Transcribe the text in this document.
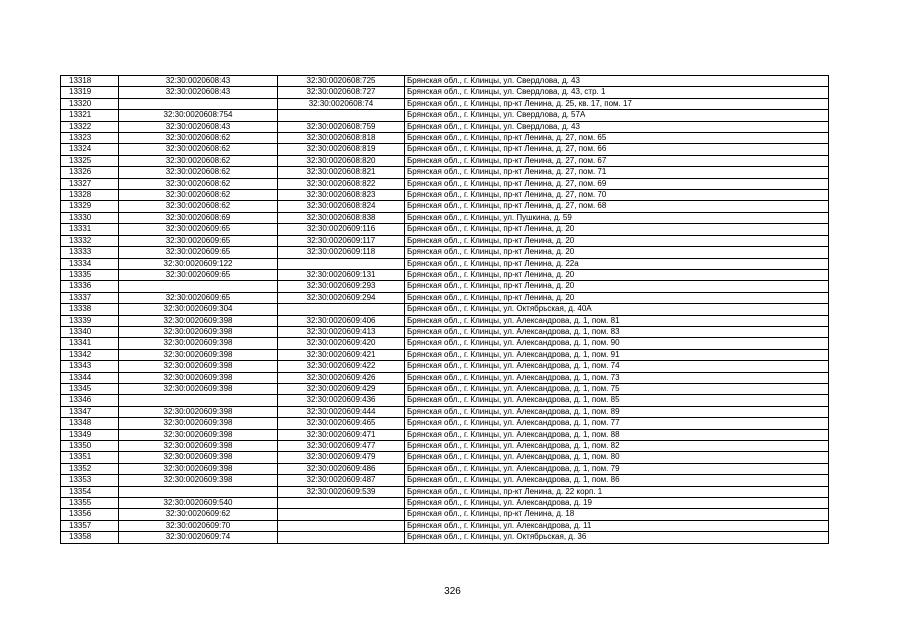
13318	32:30:0020608:43	32:30:0020608:725	Брянская обл., г. Клинцы, ул. Свердлова, д. 43
13319	32:30:0020608:43	32:30:0020608:727	Брянская обл., г. Клинцы, ул. Свердлова, д. 43, стр. 1
13320		32:30:0020608:74	Брянская обл., г. Клинцы, пр-кт Ленина, д. 25, кв. 17, пом. 17
13321	32:30:0020608:754		Брянская обл., г. Клинцы, ул. Свердлова, д. 57А
13322	32:30:0020608:43	32:30:0020608:759	Брянская обл., г. Клинцы, ул. Свердлова, д. 43
13323	32:30:0020608:62	32:30:0020608:818	Брянская обл., г. Клинцы, пр-кт Ленина, д. 27, пом. 65
13324	32:30:0020608:62	32:30:0020608:819	Брянская обл., г. Клинцы, пр-кт Ленина, д. 27, пом. 66
13325	32:30:0020608:62	32:30:0020608:820	Брянская обл., г. Клинцы, пр-кт Ленина, д. 27, пом. 67
13326	32:30:0020608:62	32:30:0020608:821	Брянская обл., г. Клинцы, пр-кт Ленина, д. 27, пом. 71
13327	32:30:0020608:62	32:30:0020608:822	Брянская обл., г. Клинцы, пр-кт Ленина, д. 27, пом. 69
13328	32:30:0020608:62	32:30:0020608:823	Брянская обл., г. Клинцы, пр-кт Ленина, д. 27, пом. 70
13329	32:30:0020608:62	32:30:0020608:824	Брянская обл., г. Клинцы, пр-кт Ленина, д. 27, пом. 68
13330	32:30:0020608:69	32:30:0020608:838	Брянская обл., г. Клинцы, ул. Пушкина, д. 59
13331	32:30:0020609:65	32:30:0020609:116	Брянская обл., г. Клинцы, пр-кт Ленина, д. 20
13332	32:30:0020609:65	32:30:0020609:117	Брянская обл., г. Клинцы, пр-кт Ленина, д. 20
13333	32:30:0020609:65	32:30:0020609:118	Брянская обл., г. Клинцы, пр-кт Ленина, д. 20
13334	32:30:0020609:122		Брянская обл., г. Клинцы, пр-кт Ленина, д. 22а
13335	32:30:0020609:65	32:30:0020609:131	Брянская обл., г. Клинцы, пр-кт Ленина, д. 20
13336		32:30:0020609:293	Брянская обл., г. Клинцы, пр-кт Ленина, д. 20
13337	32:30:0020609:65	32:30:0020609:294	Брянская обл., г. Клинцы, пр-кт Ленина, д. 20
13338	32:30:0020609:304		Брянская обл., г. Клинцы, ул. Октябрьская, д. 40А
13339	32:30:0020609:398	32:30:0020609:406	Брянская обл., г. Клинцы, ул. Александрова, д. 1, пом. 81
13340	32:30:0020609:398	32:30:0020609:413	Брянская обл., г. Клинцы, ул. Александрова, д. 1, пом. 83
13341	32:30:0020609:398	32:30:0020609:420	Брянская обл., г. Клинцы, ул. Александрова, д. 1, пом. 90
13342	32:30:0020609:398	32:30:0020609:421	Брянская обл., г. Клинцы, ул. Александрова, д. 1, пом. 91
13343	32:30:0020609:398	32:30:0020609:422	Брянская обл., г. Клинцы, ул. Александрова, д. 1, пом. 74
13344	32:30:0020609:398	32:30:0020609:426	Брянская обл., г. Клинцы, ул. Александрова, д. 1, пом. 73
13345	32:30:0020609:398	32:30:0020609:429	Брянская обл., г. Клинцы, ул. Александрова, д. 1, пом. 75
13346		32:30:0020609:436	Брянская обл., г. Клинцы, ул. Александрова, д. 1, пом. 85
13347	32:30:0020609:398	32:30:0020609:444	Брянская обл., г. Клинцы, ул. Александрова, д. 1, пом. 89
13348	32:30:0020609:398	32:30:0020609:465	Брянская обл., г. Клинцы, ул. Александрова, д. 1, пом. 77
13349	32:30:0020609:398	32:30:0020609:471	Брянская обл., г. Клинцы, ул. Александрова, д. 1, пом. 88
13350	32:30:0020609:398	32:30:0020609:477	Брянская обл., г. Клинцы, ул. Александрова, д. 1, пом. 82
13351	32:30:0020609:398	32:30:0020609:479	Брянская обл., г. Клинцы, ул. Александрова, д. 1, пом. 80
13352	32:30:0020609:398	32:30:0020609:486	Брянская обл., г. Клинцы, ул. Александрова, д. 1, пом. 79
13353	32:30:0020609:398	32:30:0020609:487	Брянская обл., г. Клинцы, ул. Александрова, д. 1, пом. 86
13354		32:30:0020609:539	Брянская обл., г. Клинцы, пр-кт Ленина, д. 22 корп. 1
13355	32:30:0020609:540		Брянская обл., г. Клинцы, ул. Александрова, д. 19
13356	32:30:0020609:62		Брянская обл., г. Клинцы, пр-кт Ленина, д. 18
13357	32:30:0020609:70		Брянская обл., г. Клинцы, ул. Александрова, д. 11
13358	32:30:0020609:74		Брянская обл., г. Клинцы, ул. Октябрьская, д. 36
326
